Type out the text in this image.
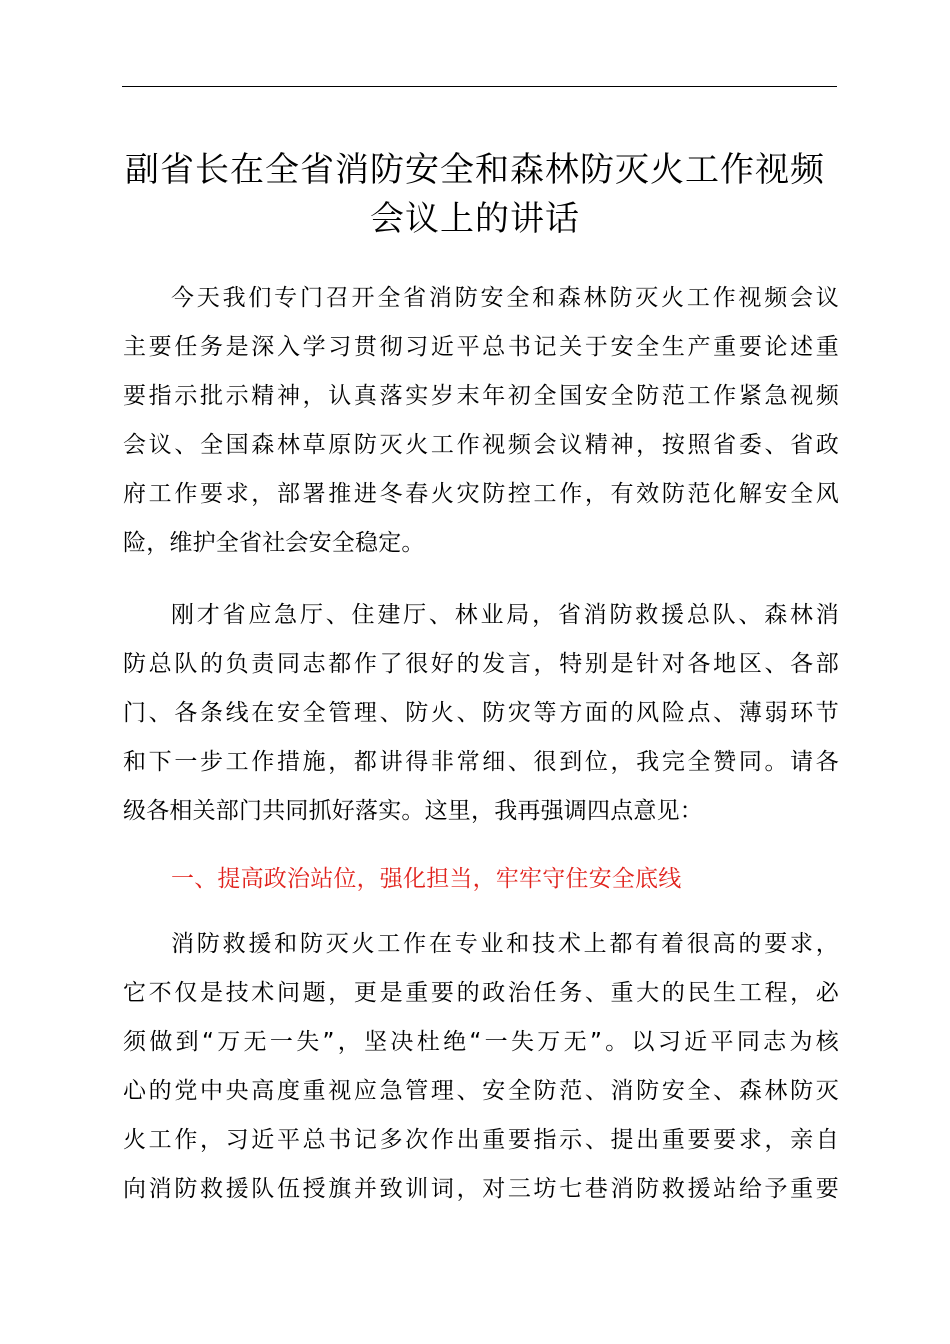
副省长在全省消防安全和森林防灭火工作视频
会议上的讲话
今天我们专门召开全省消防安全和森林防灭火工作视频会议
主要任务是深入学习贯彻习近平总书记关于安全生产重要论述重
要指示批示精神，认真落实岁末年初全国安全防范工作紧急视频
会议、全国森林草原防灭火工作视频会议精神，按照省委、省政
府工作要求，部署推进冬春火灾防控工作，有效防范化解安全风
险，维护全省社会安全稳定。
刚才省应急厅、住建厅、林业局，省消防救援总队、森林消
防总队的负责同志都作了很好的发言，特别是针对各地区、各部
门、各条线在安全管理、防火、防灾等方面的风险点、薄弱环节
和下一步工作措施，都讲得非常细、很到位，我完全赞同。请各
级各相关部门共同抓好落实。这里，我再强调四点意见：
一、提高政治站位，强化担当，牢牢守住安全底线
消防救援和防灭火工作在专业和技术上都有着很高的要求，
它不仅是技术问题，更是重要的政治任务、重大的民生工程，必
须做到“万无一失”，坚决杜绝“一失万无”。以习近平同志为核
心的党中央高度重视应急管理、安全防范、消防安全、森林防灭
火工作，习近平总书记多次作出重要指示、提出重要要求，亲自
向消防救援队伍授旗并致训词，对三坊七巷消防救援站给予重要
